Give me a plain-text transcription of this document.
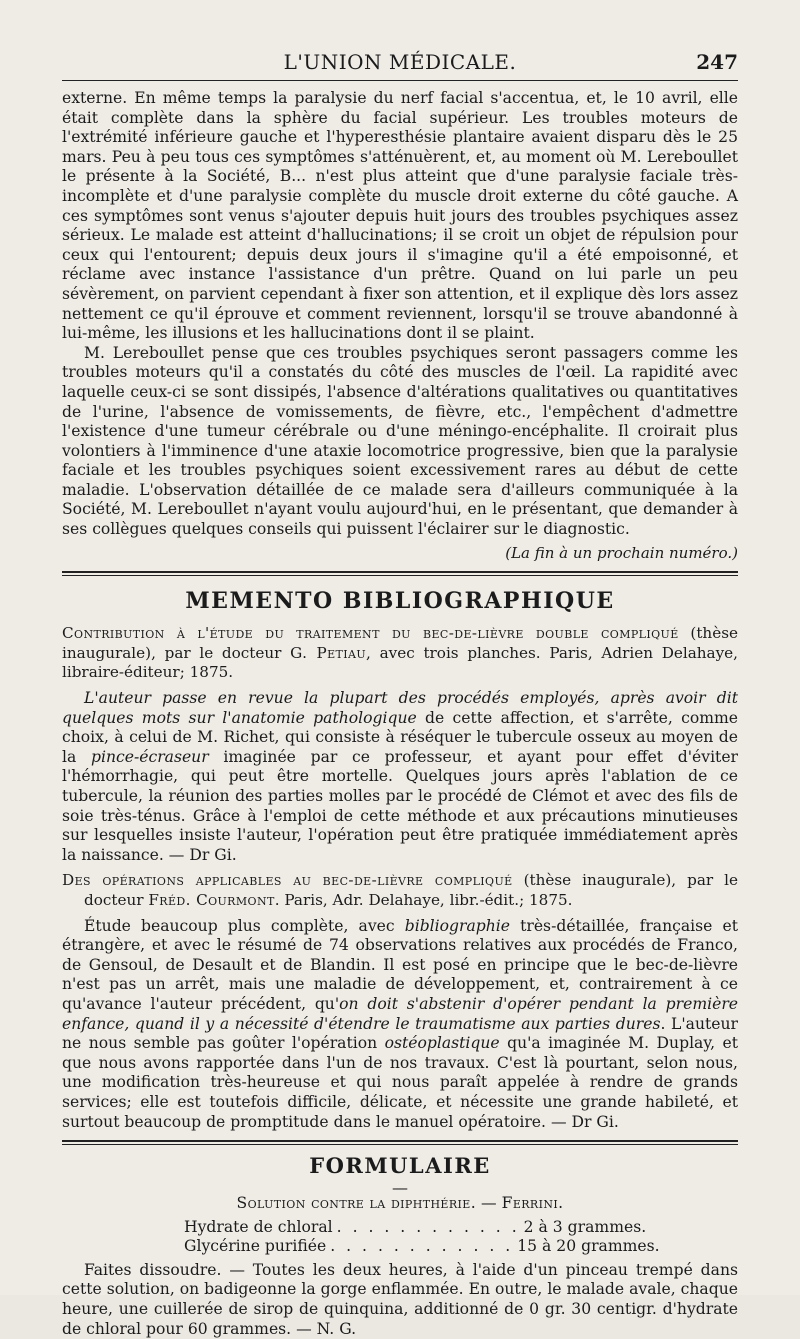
L'UNION MÉDICALE.	247

externe. En même temps la paralysie du nerf facial s'accentua, et, le 10 avril, elle était complète dans la sphère du facial supérieur. Les troubles moteurs de l'extrémité inférieure gauche et l'hyperesthésie plantaire avaient disparu dès le 25 mars. Peu à peu tous ces symptômes s'atténuèrent, et, au moment où M. Lereboullet le présente à la Société, B... n'est plus atteint que d'une paralysie faciale très-incomplète et d'une paralysie complète du muscle droit externe du côté gauche. A ces symptômes sont venus s'ajouter depuis huit jours des troubles psychiques assez sérieux. Le malade est atteint d'hallucinations; il se croit un objet de répulsion pour ceux qui l'entourent; depuis deux jours il s'imagine qu'il a été empoisonné, et réclame avec instance l'assistance d'un prêtre. Quand on lui parle un peu sévèrement, on parvient cependant à fixer son attention, et il explique dès lors assez nettement ce qu'il éprouve et comment reviennent, lorsqu'il se trouve abandonné à lui-même, les illusions et les hallucinations dont il se plaint.

M. Lereboullet pense que ces troubles psychiques seront passagers comme les troubles moteurs qu'il a constatés du côté des muscles de l'œil. La rapidité avec laquelle ceux-ci se sont dissipés, l'absence d'altérations qualitatives ou quantitatives de l'urine, l'absence de vomissements, de fièvre, etc., l'empêchent d'admettre l'existence d'une tumeur cérébrale ou d'une méningo-encéphalite. Il croirait plus volontiers à l'imminence d'une ataxie locomotrice progressive, bien que la paralysie faciale et les troubles psychiques soient excessivement rares au début de cette maladie. L'observation détaillée de ce malade sera d'ailleurs communiquée à la Société, M. Lereboullet n'ayant voulu aujourd'hui, en le présentant, que demander à ses collègues quelques conseils qui puissent l'éclairer sur le diagnostic.

(La fin à un prochain numéro.)

MEMENTO BIBLIOGRAPHIQUE
Contribution à l'étude du traitement du bec-de-lièvre double compliqué (thèse inaugurale), par le docteur G. Petiau, avec trois planches. Paris, Adrien Delahaye, libraire-éditeur; 1875.

L'auteur passe en revue la plupart des procédés employés, après avoir dit quelques mots sur l'anatomie pathologique de cette affection, et s'arrête, comme choix, à celui de M. Richet, qui consiste à réséquer le tubercule osseux au moyen de la pince-écraseur imaginée par ce professeur, et ayant pour effet d'éviter l'hémorrhagie, qui peut être mortelle. Quelques jours après l'ablation de ce tubercule, la réunion des parties molles par le procédé de Clémot et avec des fils de soie très-ténus. Grâce à l'emploi de cette méthode et aux précautions minutieuses sur lesquelles insiste l'auteur, l'opération peut être pratiquée immédiatement après la naissance. — Dr Gi.

Des opérations applicables au bec-de-lièvre compliqué (thèse inaugurale), par le docteur Fréd. Courmont. Paris, Adr. Delahaye, libr.-édit.; 1875.

Étude beaucoup plus complète, avec bibliographie très-détaillée, française et étrangère, et avec le résumé de 74 observations relatives aux procédés de Franco, de Gensoul, de Desault et de Blandin. Il est posé en principe que le bec-de-lièvre n'est pas un arrêt, mais une maladie de développement, et, contrairement à ce qu'avance l'auteur précédent, qu'on doit s'abstenir d'opérer pendant la première enfance, quand il y a nécessité d'étendre le traumatisme aux parties dures. L'auteur ne nous semble pas goûter l'opération ostéoplastique qu'a imaginée M. Duplay, et que nous avons rapportée dans l'un de nos travaux. C'est là pourtant, selon nous, une modification très-heureuse et qui nous paraît appelée à rendre de grands services; elle est toutefois difficile, délicate, et nécessite une grande habileté, et surtout beaucoup de promptitude dans le manuel opératoire. — Dr Gi.

FORMULAIRE
—
Solution contre la diphthérie. — Ferrini.
Hydrate de chloral . . . . . . . . . . . . 2 à 3 grammes.
Glycérine purifiée . . . . . . . . . . . . 15 à 20 grammes.

Faites dissoudre. — Toutes les deux heures, à l'aide d'un pinceau trempé dans cette solution, on badigeonne la gorge enflammée. En outre, le malade avale, chaque heure, une cuillerée de sirop de quinquina, additionné de 0 gr. 30 centigr. d'hydrate de chloral pour 60 grammes. — N. G.
